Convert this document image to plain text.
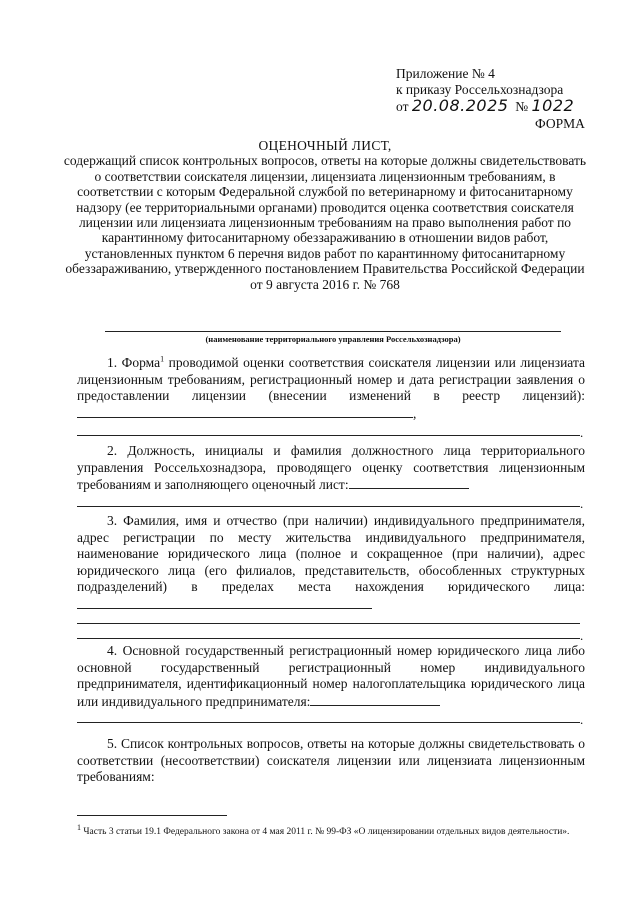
Приложение № 4
к приказу Россельхознадзора
от 20.08.2025 № 1022
ФОРМА
ОЦЕНОЧНЫЙ ЛИСТ,
содержащий список контрольных вопросов, ответы на которые должны свидетельствовать о соответствии соискателя лицензии, лицензиата лицензионным требованиям, в соответствии с которым Федеральной службой по ветеринарному и фитосанитарному надзору (ее территориальными органами) проводится оценка соответствия соискателя лицензии или лицензиата лицензионным требованиям на право выполнения работ по карантинному фитосанитарному обеззараживанию в отношении видов работ, установленных пунктом 6 перечня видов работ по карантинному фитосанитарному обеззараживанию, утвержденного постановлением Правительства Российской Федерации от 9 августа 2016 г. № 768
(наименование территориального управления Россельхознадзора)

1. Форма$^1$ проводимой оценки соответствия соискателя лицензии или лицензиата лицензионным требованиям, регистрационный номер и дата регистрации заявления о предоставлении лицензии (внесении изменений в реестр лицензий):,

.

2. Должность, инициалы и фамилия должностного лица территориального управления Россельхознадзора, проводящего оценку соответствия лицензионным требованиям и заполняющего оценочный лист:

.

3. Фамилия, имя и отчество (при наличии) индивидуального предпринимателя, адрес регистрации по месту жительства индивидуального предпринимателя, наименование юридического лица (полное и сокращенное (при наличии), адрес юридического лица (его филиалов, представительств, обособленных структурных подразделений) в пределах места нахождения юридического лица:

.

4. Основной государственный регистрационный номер юридического лица либо основной государственный регистрационный номер индивидуального предпринимателя, идентификационный номер налогоплательщика юридического лица или индивидуального предпринимателя:

.

5. Список контрольных вопросов, ответы на которые должны свидетельствовать о соответствии (несоответствии) соискателя лицензии или лицензиата лицензионным требованиям:

$^1$ Часть 3 статьи 19.1 Федерального закона от 4 мая 2011 г. № 99-ФЗ «О лицензировании отдельных видов деятельности».
